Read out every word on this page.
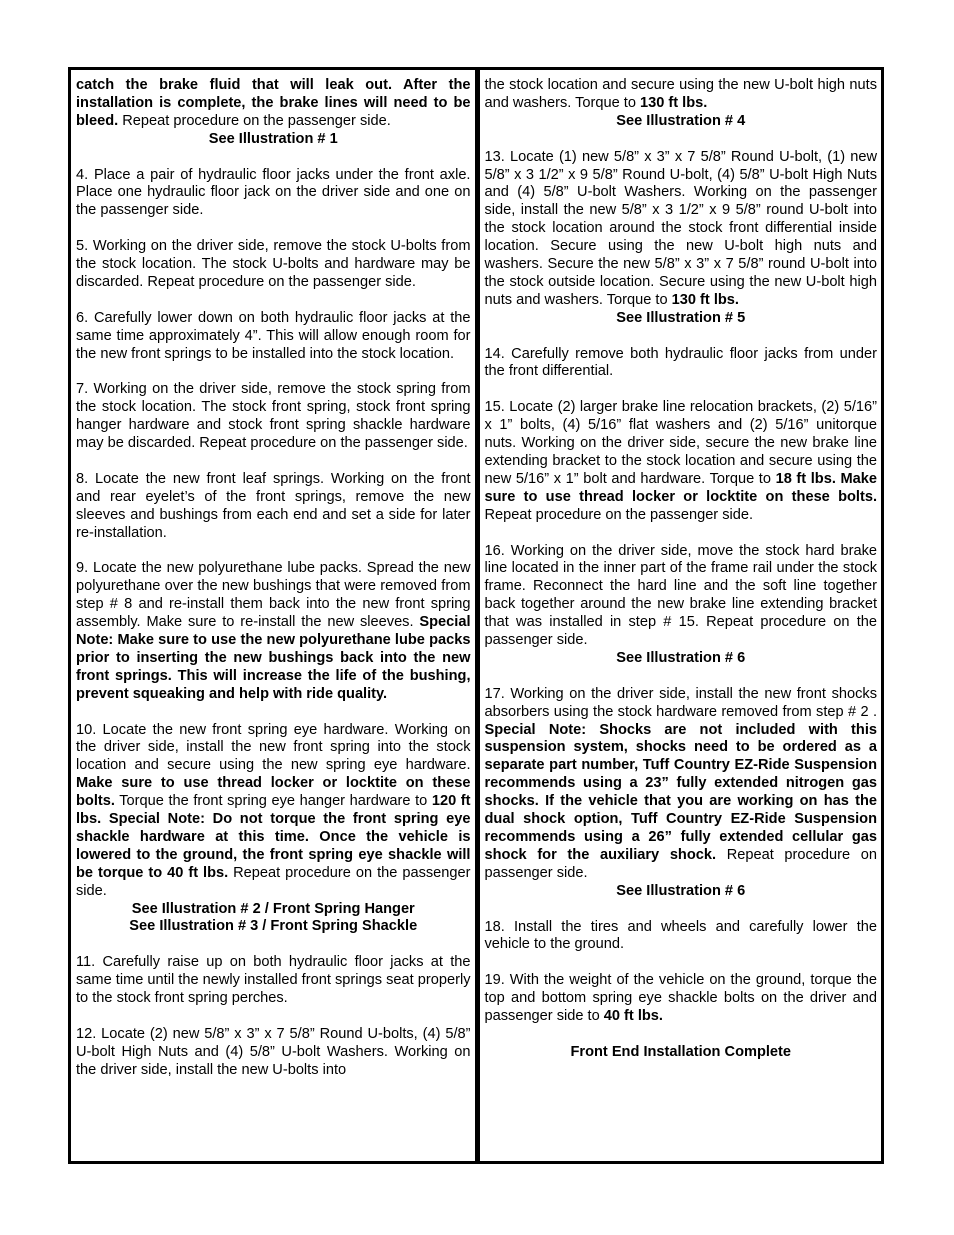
catch the brake fluid that will leak out. After the installation is complete, the brake lines will need to be bleed. Repeat procedure on the passenger side.

See Illustration # 1

4. Place a pair of hydraulic floor jacks under the front axle. Place one hydraulic floor jack on the driver side and one on the passenger side.

5. Working on the driver side, remove the stock U-bolts from the stock location. The stock U-bolts and hardware may be discarded. Repeat procedure on the passenger side.

6. Carefully lower down on both hydraulic floor jacks at the same time approximately 4”. This will allow enough room for the new front springs to be installed into the stock location.

7. Working on the driver side, remove the stock spring from the stock location. The stock front spring, stock front spring hanger hardware and stock front spring shackle hardware may be discarded. Repeat procedure on the passenger side.

8. Locate the new front leaf springs. Working on the front and rear eyelet’s of the front springs, remove the new sleeves and bushings from each end and set a side for later re-installation.

9. Locate the new polyurethane lube packs. Spread the new polyurethane over the new bushings that were removed from step # 8 and re-install them back into the new front spring assembly. Make sure to re-install the new sleeves. Special Note: Make sure to use the new polyurethane lube packs prior to inserting the new bushings back into the new front springs. This will increase the life of the bushing, prevent squeaking and help with ride quality.

10. Locate the new front spring eye hardware. Working on the driver side, install the new front spring into the stock location and secure using the new spring eye hardware. Make sure to use thread locker or locktite on these bolts. Torque the front spring eye hanger hardware to 120 ft lbs. Special Note: Do not torque the front spring eye shackle hardware at this time. Once the vehicle is lowered to the ground, the front spring eye shackle will be torque to 40 ft lbs. Repeat procedure on the passenger side.

See Illustration # 2 / Front Spring Hanger
See Illustration # 3 / Front Spring Shackle

11. Carefully raise up on both hydraulic floor jacks at the same time until the newly installed front springs seat properly to the stock front spring perches.

12. Locate (2) new 5/8” x 3” x 7 5/8” Round U-bolts, (4) 5/8” U-bolt High Nuts and (4) 5/8” U-bolt Washers. Working on the driver side, install the new U-bolts into

the stock location and secure using the new U-bolt high nuts and washers. Torque to 130 ft lbs.

See Illustration # 4

13. Locate (1) new 5/8” x 3” x 7 5/8” Round U-bolt, (1) new 5/8” x 3 1/2” x 9 5/8” Round U-bolt, (4) 5/8” U-bolt High Nuts and (4) 5/8” U-bolt Washers. Working on the passenger side, install the new 5/8” x 3 1/2” x 9 5/8” round U-bolt into the stock location around the stock front differential inside location. Secure using the new U-bolt high nuts and washers. Secure the new 5/8” x 3” x 7 5/8” round U-bolt into the stock outside location. Secure using the new U-bolt high nuts and washers. Torque to 130 ft lbs.

See Illustration # 5

14. Carefully remove both hydraulic floor jacks from under the front differential.

15. Locate (2) larger brake line relocation brackets, (2) 5/16” x 1” bolts, (4) 5/16” flat washers and (2) 5/16” unitorque nuts. Working on the driver side, secure the new brake line extending bracket to the stock location and secure using the new 5/16” x 1” bolt and hardware. Torque to 18 ft lbs. Make sure to use thread locker or locktite on these bolts. Repeat procedure on the passenger side.

16. Working on the driver side, move the stock hard brake line located in the inner part of the frame rail under the stock frame. Reconnect the hard line and the soft line together back together around the new brake line extending bracket that was installed in step # 15. Repeat procedure on the passenger side.

See Illustration # 6

17. Working on the driver side, install the new front shocks absorbers using the stock hardware removed from step # 2 . Special Note: Shocks are not included with this suspension system, shocks need to be ordered as a separate part number, Tuff Country EZ-Ride Suspension recommends using a 23” fully extended nitrogen gas shocks. If the vehicle that you are working on has the dual shock option, Tuff Country EZ-Ride Suspension recommends using a 26” fully extended cellular gas shock for the auxiliary shock. Repeat procedure on passenger side.

See Illustration # 6

18. Install the tires and wheels and carefully lower the vehicle to the ground.

19. With the weight of the vehicle on the ground, torque the top and bottom spring eye shackle bolts on the driver and passenger side to 40 ft lbs.

Front End Installation Complete
